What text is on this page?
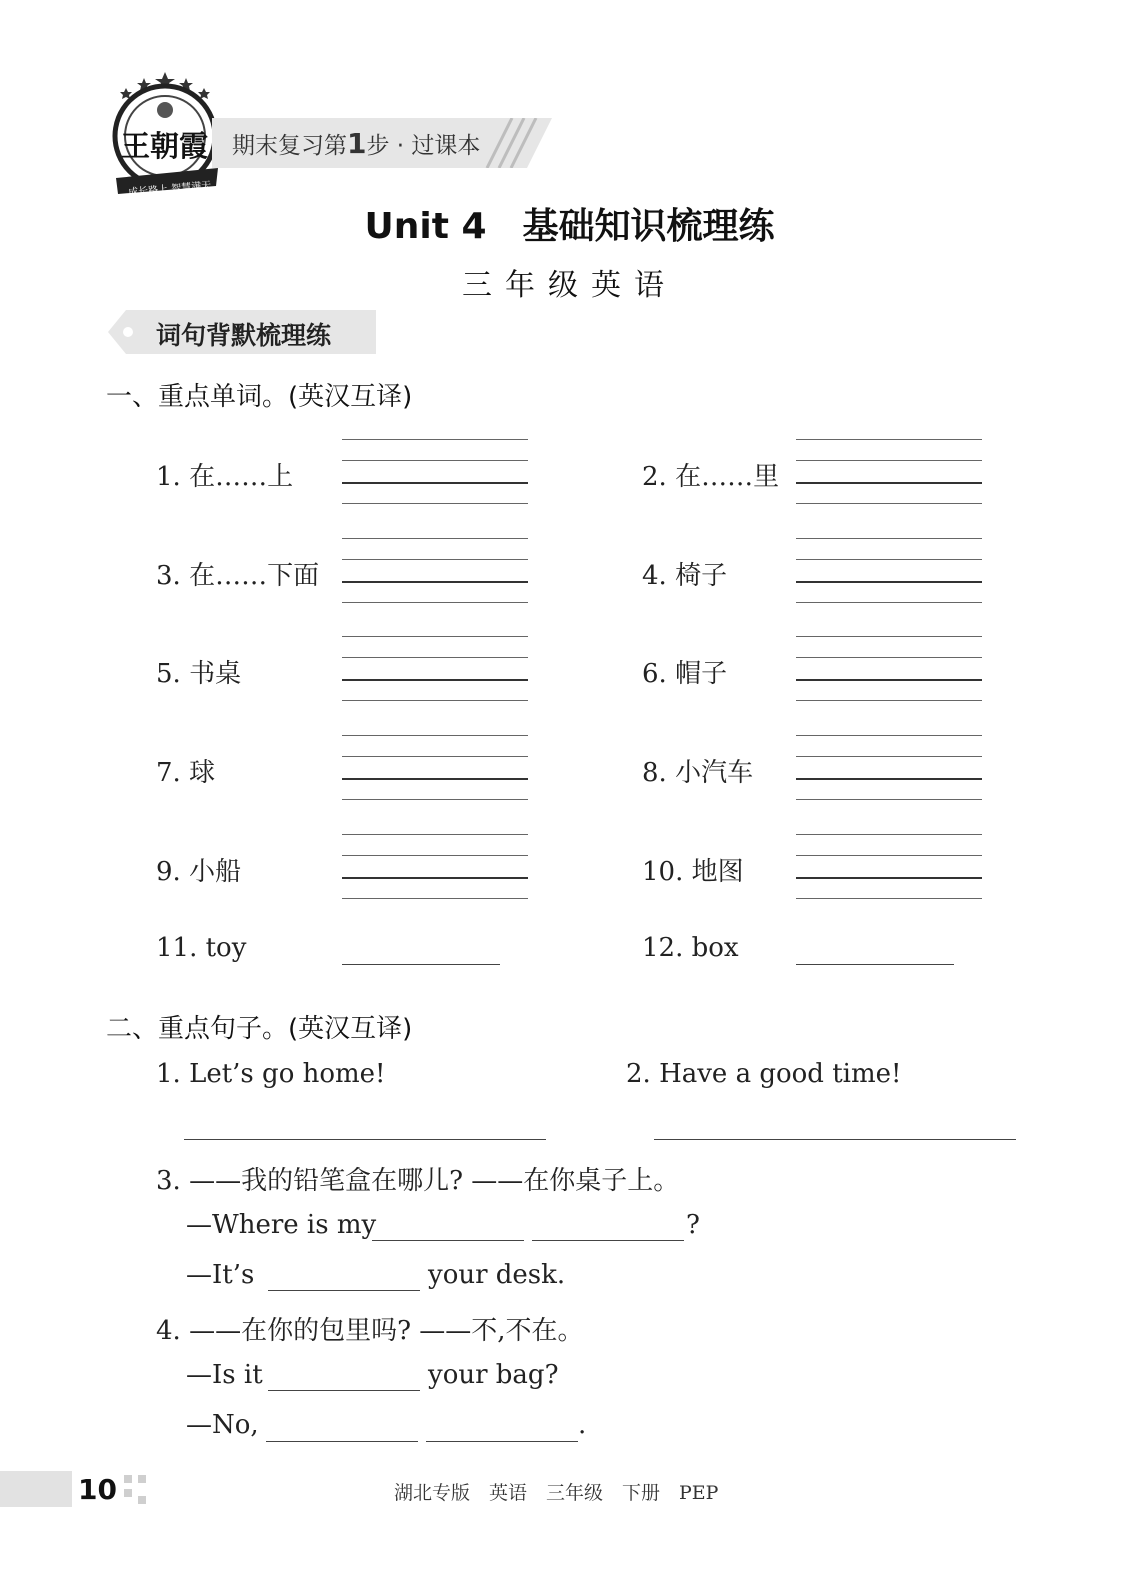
王朝霞
成长路上 智慧满天
期末复习第1步 · 过课本
Unit 4　基础知识梳理练
三年级英语
词句背默梳理练
一、重点单词。(英汉互译)
1. 在……上	2. 在……里
3. 在……下面	4. 椅子
5. 书桌	6. 帽子
7. 球	8. 小汽车
9. 小船	10. 地图
11. toy	12. box
二、重点句子。(英汉互译)
1. Let’s go home!	2. Have a good time!
3. ——我的铅笔盒在哪儿? ——在你桌子上。
—Where is my	?
—It’s	your desk.
4. ——在你的包里吗? ——不,不在。
—Is it	your bag?
—No,	.
10	湖北专版　英语　三年级　下册　PEP
